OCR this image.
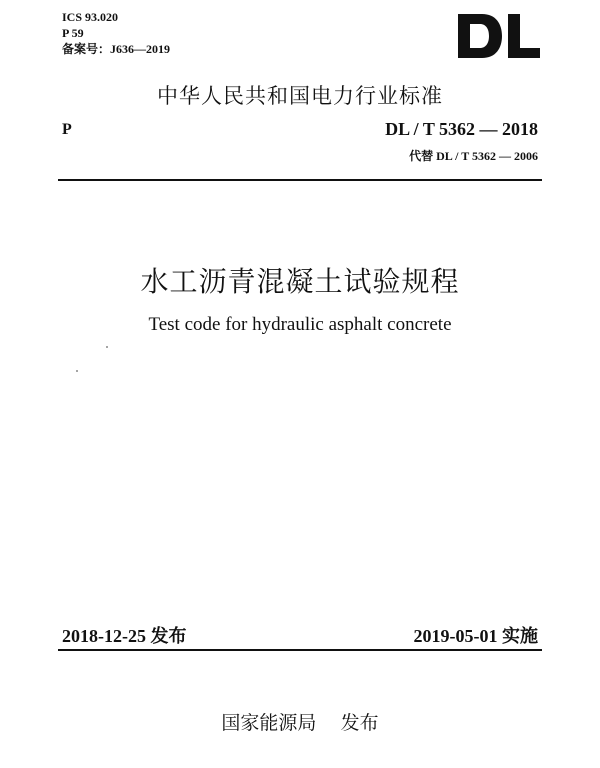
ICS 93.020
P 59
备案号：J636—2019
中华人民共和国电力行业标准
P	DL / T 5362 — 2018
代替 DL / T 5362 — 2006
水工沥青混凝土试验规程
Test code for hydraulic asphalt concrete
2018-12-25 发布	2019-05-01 实施
国家能源局    发布
